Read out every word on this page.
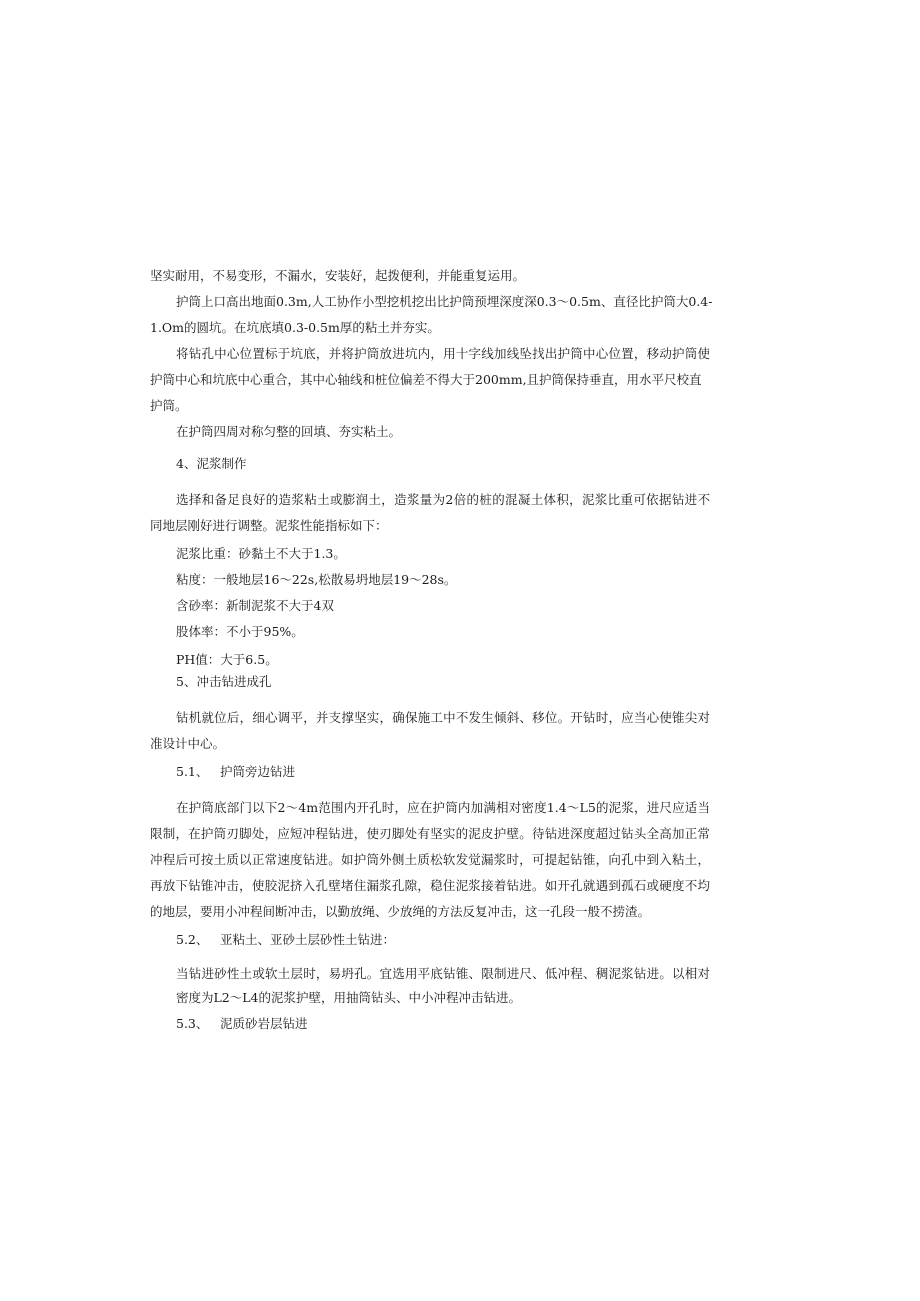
坚实耐用，不易变形，不漏水，安装好，起拨便利，并能重复运用。
护筒上口高出地面0.3m,人工协作小型挖机挖出比护筒预埋深度深0.3～0.5m、直径比护筒大0.4-
1.Om的圆坑。在坑底填0.3-0.5m厚的粘土并夯实。
将钻孔中心位置标于坑底，并将护筒放进坑内，用十字线加线坠找出护筒中心位置，移动护筒使
护筒中心和坑底中心重合，其中心轴线和桩位偏差不得大于200mm,且护筒保持垂直，用水平尺校直
护筒。
在护筒四周对称匀整的回填、夯实粘土。
4、泥浆制作
选择和备足良好的造浆粘土或膨润土，造浆量为2倍的桩的混凝土体积，泥浆比重可依据钻进不
同地层刚好进行调整。泥浆性能指标如下：
泥浆比重：砂黏土不大于1.3。
粘度：一般地层16～22s,松散易坍地层19～28s。
含砂率：新制泥浆不大于4双
股体率：不小于95%。
PH值：大于6.5。
5、冲击钻进成孔
钻机就位后，细心调平，并支撑坚实，确保施工中不发生倾斜、移位。开钻时，应当心使锥尖对
准设计中心。
5.1、 护筒旁边钻进
在护筒底部门以下2～4m范围内开孔时，应在护筒内加满相对密度1.4～L5的泥浆，进尺应适当
限制，在护筒刃脚处，应短冲程钻进，使刃脚处有坚实的泥皮护壁。待钻进深度超过钻头全高加正常
冲程后可按土质以正常速度钻进。如护筒外侧土质松软发觉漏浆时，可提起钻锥，向孔中到入粘土，
再放下钻锥冲击，使胶泥挤入孔壁堵住漏浆孔隙，稳住泥浆接着钻进。如开孔就遇到孤石或硬度不均
的地层，要用小冲程间断冲击，以勤放绳、少放绳的方法反复冲击，这一孔段一般不捞渣。
5.2、 亚粘土、亚砂土层砂性土钻进：
当钻进砂性土或软土层时，易坍孔。宜选用平底钻锥、限制进尺、低冲程、稠泥浆钻进。以相对
密度为L2～L4的泥浆护壁，用抽筒钻头、中小冲程冲击钻进。
5.3、 泥质砂岩层钻进
